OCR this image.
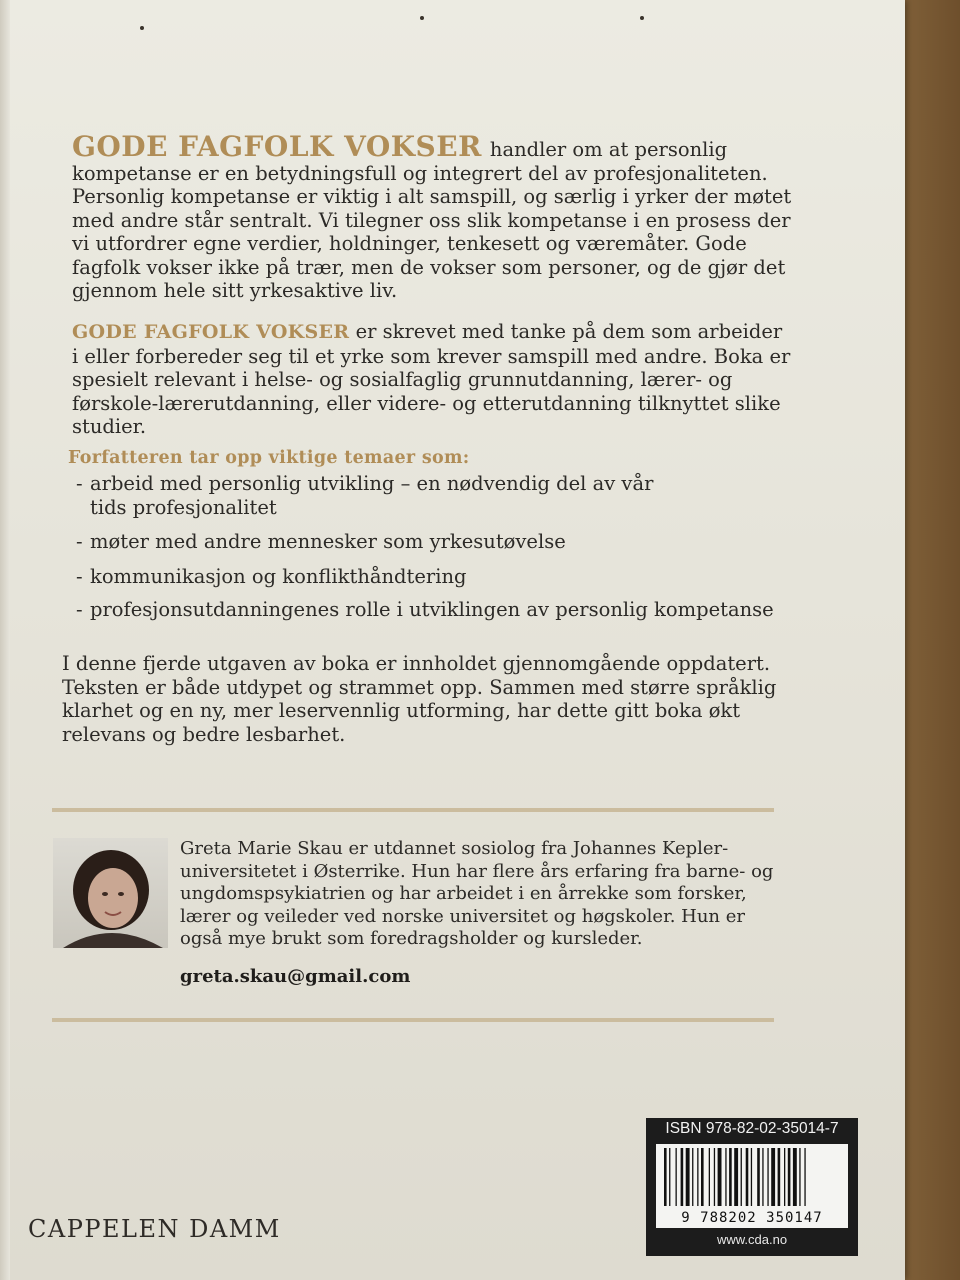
GODE FAGFOLK VOKSER handler om at personlig kompetanse er en betydningsfull og integrert del av profesjonaliteten. Personlig kompetanse er viktig i alt samspill, og særlig i yrker der møtet med andre står sentralt. Vi tilegner oss slik kompetanse i en prosess der vi utfordrer egne verdier, holdninger, tenkesett og væremåter. Gode fagfolk vokser ikke på trær, men de vokser som personer, og de gjør det gjennom hele sitt yrkesaktive liv.
GODE FAGFOLK VOKSER er skrevet med tanke på dem som arbeider i eller forbereder seg til et yrke som krever samspill med andre. Boka er spesielt relevant i helse- og sosialfaglig grunnutdanning, lærer- og førskole-lærerutdanning, eller videre- og etterutdanning tilknyttet slike studier.
Forfatteren tar opp viktige temaer som:
- arbeid med personlig utvikling – en nødvendig del av vår
tids profesjonalitet
- møter med andre mennesker som yrkesutøvelse
- kommunikasjon og konflikthåndtering
- profesjonsutdanningenes rolle i utviklingen av personlig kompetanse
I denne fjerde utgaven av boka er innholdet gjennomgående oppdatert. Teksten er både utdypet og strammet opp. Sammen med større språklig klarhet og en ny, mer leservennlig utforming, har dette gitt boka økt relevans og bedre lesbarhet.
Greta Marie Skau er utdannet sosiolog fra Johannes Kepler-universitetet i Østerrike. Hun har flere års erfaring fra barne- og ungdomspsykiatrien og har arbeidet i en årrekke som forsker, lærer og veileder ved norske universitet og høgskoler. Hun er også mye brukt som foredragsholder og kursleder.
greta.skau@gmail.com
CAPPELEN DAMM
ISBN 978-82-02-35014-7
9 788202 350147
www.cda.no
